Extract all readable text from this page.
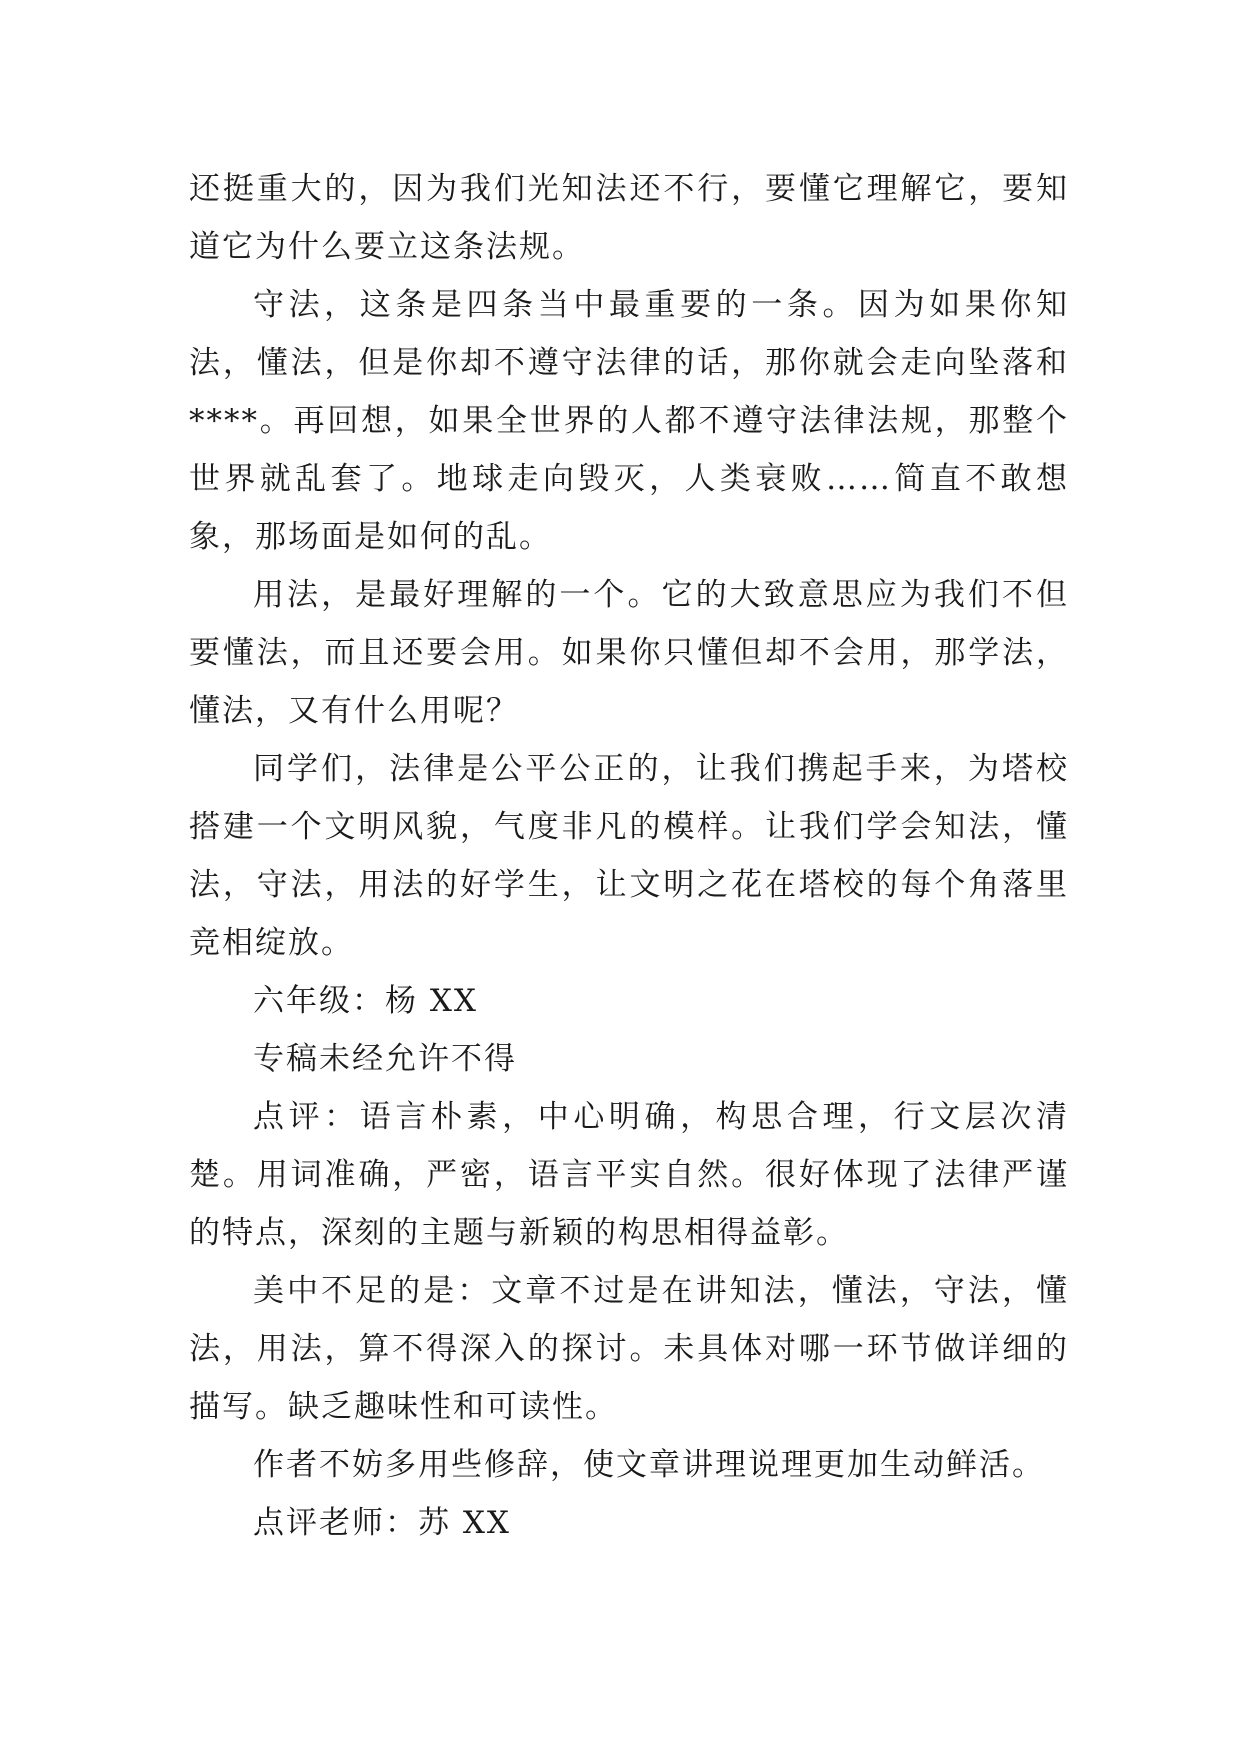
还挺重大的，因为我们光知法还不行，要懂它理解它，要知道它为什么要立这条法规。

守法，这条是四条当中最重要的一条。因为如果你知法，懂法，但是你却不遵守法律的话，那你就会走向坠落和****。再回想，如果全世界的人都不遵守法律法规，那整个世界就乱套了。地球走向毁灭，人类衰败……简直不敢想象，那场面是如何的乱。

用法，是最好理解的一个。它的大致意思应为我们不但要懂法，而且还要会用。如果你只懂但却不会用，那学法，懂法，又有什么用呢？

同学们，法律是公平公正的，让我们携起手来，为塔校搭建一个文明风貌，气度非凡的模样。让我们学会知法，懂法，守法，用法的好学生，让文明之花在塔校的每个角落里竞相绽放。

六年级：杨 XX

专稿未经允许不得

点评：语言朴素，中心明确，构思合理，行文层次清楚。用词准确，严密，语言平实自然。很好体现了法律严谨的特点，深刻的主题与新颖的构思相得益彰。

美中不足的是：文章不过是在讲知法，懂法，守法，懂法，用法，算不得深入的探讨。未具体对哪一环节做详细的描写。缺乏趣味性和可读性。

作者不妨多用些修辞，使文章讲理说理更加生动鲜活。

点评老师：苏 XX
